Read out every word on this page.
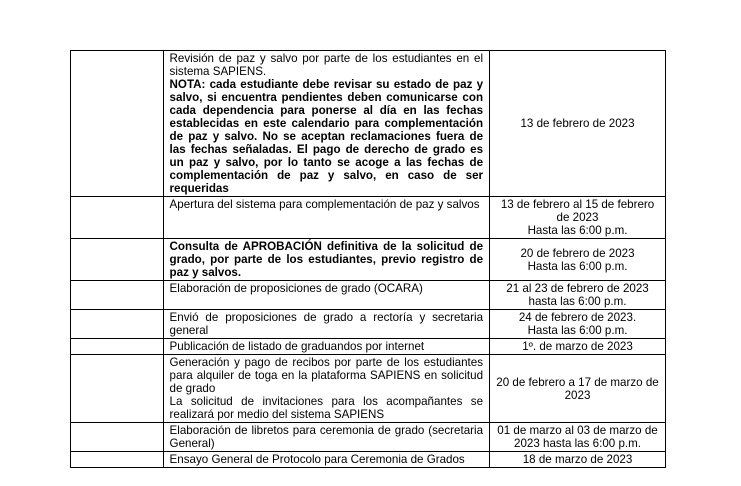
	Revisión de paz y salvo por parte de los estudiantes en el sistema SAPIENS.
NOTA: cada estudiante debe revisar su estado de paz y salvo, si encuentra pendientes deben comunicarse con cada dependencia para ponerse al día en las fechas establecidas en este calendario para complementación de paz y salvo. No se aceptan reclamaciones fuera de las fechas señaladas. El pago de derecho de grado es un paz y salvo, por lo tanto se acoge a las fechas de complementación de paz y salvo, en caso de ser requeridas	13 de febrero de 2023

	Apertura del sistema para complementación de paz y salvos	13 de febrero al 15 de febrero de 2023
Hasta las 6:00 p.m.

	Consulta de APROBACIÓN definitiva de la solicitud de grado, por parte de los estudiantes, previo registro de paz y salvos.	20 de febrero de 2023
Hasta las 6:00 p.m.

	Elaboración de proposiciones de grado (OCARA)	21 al 23 de febrero de 2023 hasta las 6:00 p.m.

	Envió de proposiciones de grado a rectoría y secretaria general	24 de febrero de 2023.
Hasta las 6:00 p.m.

	Publicación de listado de graduandos por internet	1º. de marzo de 2023

	Generación y pago de recibos por parte de los estudiantes para alquiler de toga en la plataforma SAPIENS en solicitud de grado
La solicitud de invitaciones para los acompañantes se realizará por medio del sistema SAPIENS	20 de febrero a 17 de marzo de 2023

	Elaboración de libretos para ceremonia de grado (secretaria General)	01 de marzo al 03 de marzo de 2023 hasta las 6:00 p.m.

	Ensayo General de Protocolo para Ceremonia de Grados	18 de marzo de 2023
